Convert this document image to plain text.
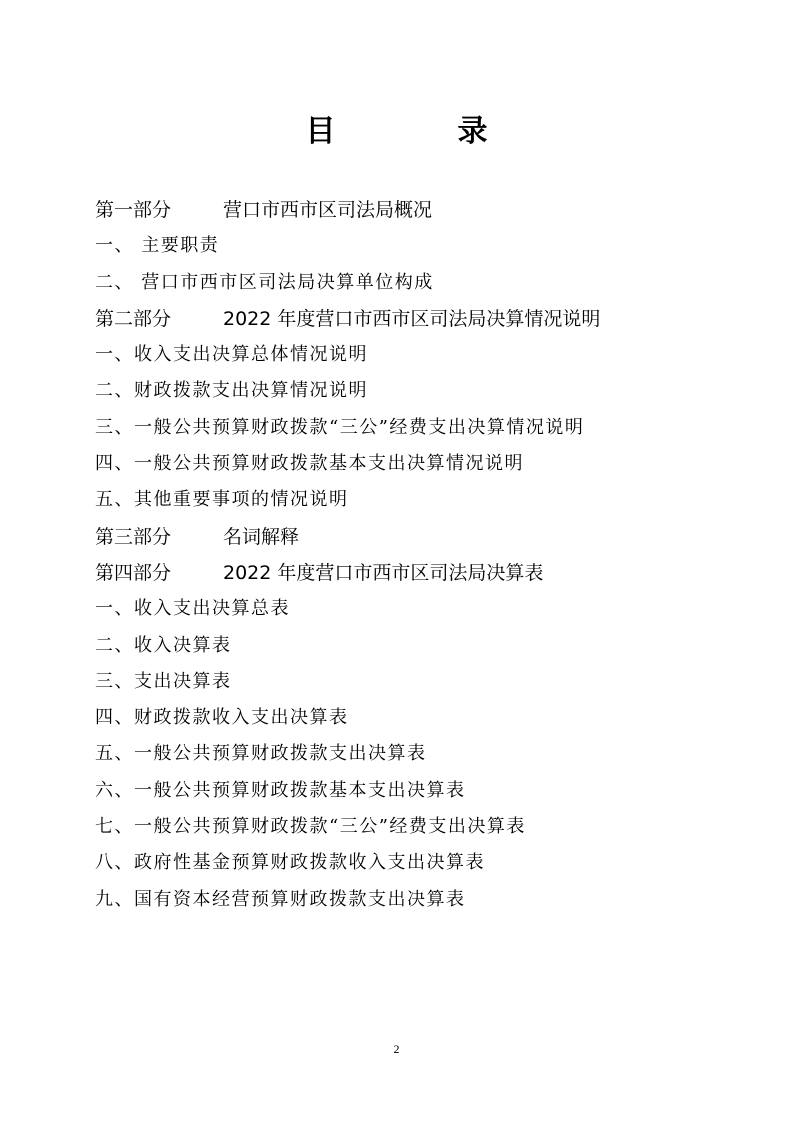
目　录
第一部分	营口市西市区司法局概况
一、 主要职责
二、 营口市西市区司法局决算单位构成
第二部分	2022 年度营口市西市区司法局决算情况说明
一、收入支出决算总体情况说明
二、财政拨款支出决算情况说明
三、一般公共预算财政拨款“三公”经费支出决算情况说明
四、一般公共预算财政拨款基本支出决算情况说明
五、其他重要事项的情况说明
第三部分	名词解释
第四部分	2022 年度营口市西市区司法局决算表
一、收入支出决算总表
二、收入决算表
三、支出决算表
四、财政拨款收入支出决算表
五、一般公共预算财政拨款支出决算表
六、一般公共预算财政拨款基本支出决算表
七、一般公共预算财政拨款“三公”经费支出决算表
八、政府性基金预算财政拨款收入支出决算表
九、国有资本经营预算财政拨款支出决算表
2
